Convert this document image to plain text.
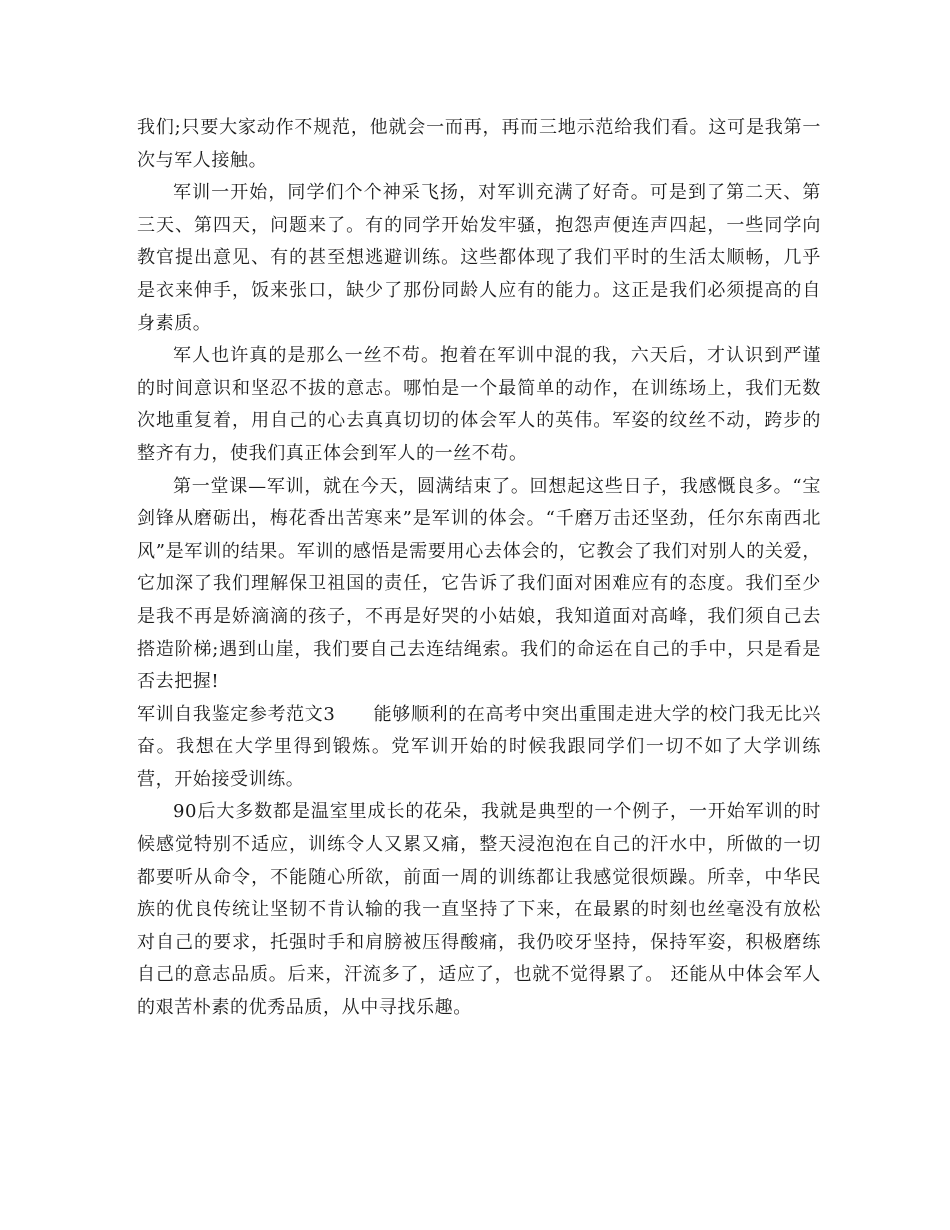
我们;只要大家动作不规范，他就会一而再，再而三地示范给我们看。这可是我第一次与军人接触。

军训一开始，同学们个个神采飞扬，对军训充满了好奇。可是到了第二天、第三天、第四天，问题来了。有的同学开始发牢骚，抱怨声便连声四起，一些同学向教官提出意见、有的甚至想逃避训练。这些都体现了我们平时的生活太顺畅，几乎是衣来伸手，饭来张口，缺少了那份同龄人应有的能力。这正是我们必须提高的自身素质。

军人也许真的是那么一丝不苟。抱着在军训中混的我，六天后，才认识到严谨的时间意识和坚忍不拔的意志。哪怕是一个最简单的动作，在训练场上，我们无数次地重复着，用自己的心去真真切切的体会军人的英伟。军姿的纹丝不动，跨步的整齐有力，使我们真正体会到军人的一丝不苟。

第一堂课—军训，就在今天，圆满结束了。回想起这些日子，我感慨良多。“宝剑锋从磨砺出，梅花香出苦寒来”是军训的体会。“千磨万击还坚劲，任尔东南西北风”是军训的结果。军训的感悟是需要用心去体会的，它教会了我们对别人的关爱，它加深了我们理解保卫祖国的责任，它告诉了我们面对困难应有的态度。我们至少是我不再是娇滴滴的孩子，不再是好哭的小姑娘，我知道面对高峰，我们须自己去搭造阶梯;遇到山崖，我们要自己去连结绳索。我们的命运在自己的手中，只是看是否去把握!

军训自我鉴定参考范文3 能够顺利的在高考中突出重围走进大学的校门我无比兴奋。我想在大学里得到锻炼。党军训开始的时候我跟同学们一切不如了大学训练营，开始接受训练。

90后大多数都是温室里成长的花朵，我就是典型的一个例子，一开始军训的时候感觉特别不适应，训练令人又累又痛，整天浸泡泡在自己的汗水中，所做的一切都要听从命令，不能随心所欲，前面一周的训练都让我感觉很烦躁。所幸，中华民族的优良传统让坚韧不肯认输的我一直坚持了下来，在最累的时刻也丝毫没有放松对自己的要求，托强时手和肩膀被压得酸痛，我仍咬牙坚持，保持军姿，积极磨练自己的意志品质。后来，汗流多了，适应了，也就不觉得累了。 还能从中体会军人的艰苦朴素的优秀品质，从中寻找乐趣。
